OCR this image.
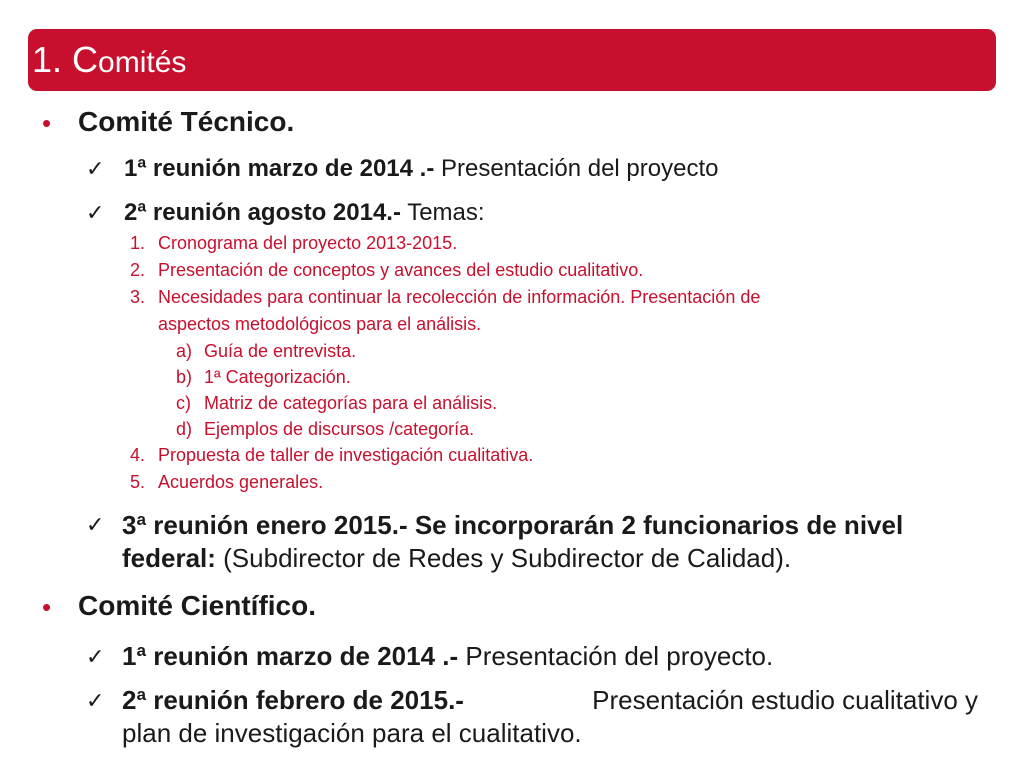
1. Comités
• Comité Técnico.
✓ 1ª reunión marzo de 2014 .- Presentación del proyecto
✓ 2ª reunión agosto 2014.- Temas:
1. Cronograma del proyecto 2013-2015.
2. Presentación de conceptos y avances del estudio cualitativo.
3. Necesidades para continuar la recolección de información. Presentación de
aspectos metodológicos para el análisis.
a) Guía de entrevista.
b) 1ª Categorización.
c) Matriz de categorías para el análisis.
d) Ejemplos de discursos /categoría.
4. Propuesta de taller de investigación cualitativa.
5. Acuerdos generales.
✓ 3ª reunión enero 2015.- Se incorporarán 2 funcionarios de nivel
federal: (Subdirector de Redes y Subdirector de Calidad).
• Comité Científico.
✓ 1ª reunión marzo de 2014 .- Presentación del proyecto.
✓ 2ª reunión febrero de 2015.-	Presentación estudio cualitativo y
plan de investigación para el cualitativo.
